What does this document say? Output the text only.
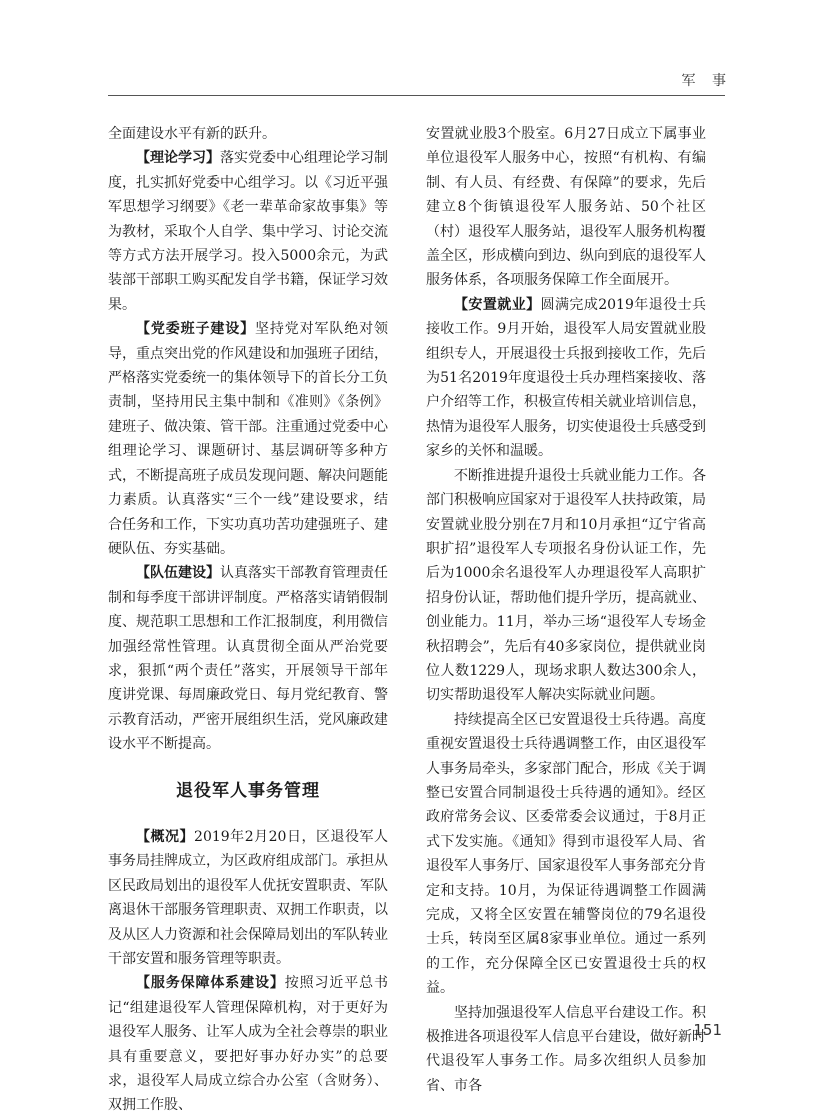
军 事

全面建设水平有新的跃升。

【理论学习】落实党委中心组理论学习制度，扎实抓好党委中心组学习。以《习近平强军思想学习纲要》《老一辈革命家故事集》等为教材，采取个人自学、集中学习、讨论交流等方式方法开展学习。投入5000余元，为武装部干部职工购买配发自学书籍，保证学习效果。

【党委班子建设】坚持党对军队绝对领导，重点突出党的作风建设和加强班子团结，严格落实党委统一的集体领导下的首长分工负责制，坚持用民主集中制和《准则》《条例》建班子、做决策、管干部。注重通过党委中心组理论学习、课题研讨、基层调研等多种方式，不断提高班子成员发现问题、解决问题能力素质。认真落实“三个一线”建设要求，结合任务和工作，下实功真功苦功建强班子、建硬队伍、夯实基础。

【队伍建设】认真落实干部教育管理责任制和每季度干部讲评制度。严格落实请销假制度、规范职工思想和工作汇报制度，利用微信加强经常性管理。认真贯彻全面从严治党要求，狠抓“两个责任”落实，开展领导干部年度讲党课、每周廉政党日、每月党纪教育、警示教育活动，严密开展组织生活，党风廉政建设水平不断提高。

退役军人事务管理

【概况】2019年2月20日，区退役军人事务局挂牌成立，为区政府组成部门。承担从区民政局划出的退役军人优抚安置职责、军队离退休干部服务管理职责、双拥工作职责，以及从区人力资源和社会保障局划出的军队转业干部安置和服务管理等职责。

【服务保障体系建设】按照习近平总书记“组建退役军人管理保障机构，对于更好为退役军人服务、让军人成为全社会尊崇的职业具有重要意义，要把好事办好办实”的总要求，退役军人局成立综合办公室（含财务）、双拥工作股、

安置就业股3个股室。6月27日成立下属事业单位退役军人服务中心，按照“有机构、有编制、有人员、有经费、有保障”的要求，先后建立8个街镇退役军人服务站、50个社区（村）退役军人服务站，退役军人服务机构覆盖全区，形成横向到边、纵向到底的退役军人服务体系，各项服务保障工作全面展开。

【安置就业】圆满完成2019年退役士兵接收工作。9月开始，退役军人局安置就业股组织专人，开展退役士兵报到接收工作，先后为51名2019年度退役士兵办理档案接收、落户介绍等工作，积极宣传相关就业培训信息，热情为退役军人服务，切实使退役士兵感受到家乡的关怀和温暖。

不断推进提升退役士兵就业能力工作。各部门积极响应国家对于退役军人扶持政策，局安置就业股分别在7月和10月承担“辽宁省高职扩招”退役军人专项报名身份认证工作，先后为1000余名退役军人办理退役军人高职扩招身份认证，帮助他们提升学历，提高就业、创业能力。11月，举办三场“退役军人专场金秋招聘会”，先后有40多家岗位，提供就业岗位人数1229人，现场求职人数达300余人，切实帮助退役军人解决实际就业问题。

持续提高全区已安置退役士兵待遇。高度重视安置退役士兵待遇调整工作，由区退役军人事务局牵头，多家部门配合，形成《关于调整已安置合同制退役士兵待遇的通知》。经区政府常务会议、区委常委会议通过，于8月正式下发实施。《通知》得到市退役军人局、省退役军人事务厅、国家退役军人事务部充分肯定和支持。10月，为保证待遇调整工作圆满完成，又将全区安置在辅警岗位的79名退役士兵，转岗至区属8家事业单位。通过一系列的工作，充分保障全区已安置退役士兵的权益。

坚持加强退役军人信息平台建设工作。积极推进各项退役军人信息平台建设，做好新时代退役军人事务工作。局多次组织人员参加省、市各

151
